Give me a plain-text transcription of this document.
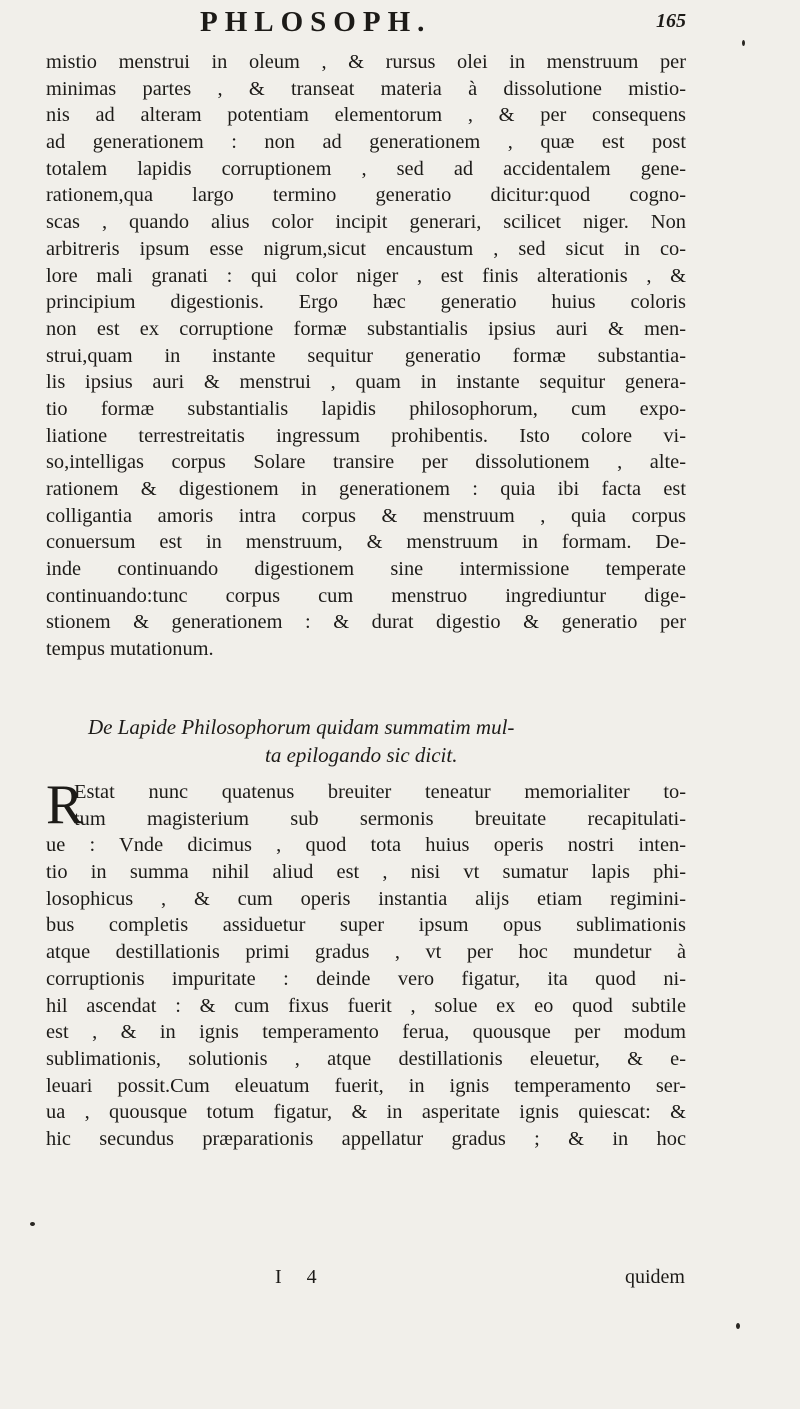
PHLOSOPH.	165
mistio menstrui in oleum , & rursus olei in menstruum per
minimas partes , & transeat materia à dissolutione mistio-
nis ad alteram potentiam elementorum , & per consequens
ad generationem : non ad generationem , quæ est post
totalem lapidis corruptionem , sed ad accidentalem gene-
rationem,qua largo termino generatio dicitur:quod cogno-
scas , quando alius color incipit generari, scilicet niger. Non
arbitreris ipsum esse nigrum,sicut encaustum , sed sicut in co-
lore mali granati : qui color niger , est finis alterationis , &
principium digestionis. Ergo hæc generatio huius coloris
non est ex corruptione formæ substantialis ipsius auri & men-
strui,quam in instante sequitur generatio formæ substantia-
lis ipsius auri & menstrui , quam in instante sequitur genera-
tio formæ substantialis lapidis philosophorum, cum expo-
liatione terrestreitatis ingressum prohibentis. Isto colore vi-
so,intelligas corpus Solare transire per dissolutionem , alte-
rationem & digestionem in generationem : quia ibi facta est
colligantia amoris intra corpus & menstruum , quia corpus
conuersum est in menstruum, & menstruum in formam. De-
inde continuando digestionem sine intermissione temperate
continuando:tunc corpus cum menstruo ingrediuntur dige-
stionem & generationem : & durat digestio & generatio per
tempus mutationum.
De Lapide Philosophorum quidam summatim mul-
ta epilogando sic dicit.
R
Estat nunc quatenus breuiter teneatur memorialiter to-
tum magisterium sub sermonis breuitate recapitulati-
ue : Vnde dicimus , quod tota huius operis nostri inten-
tio in summa nihil aliud est , nisi vt sumatur lapis phi-
losophicus , & cum operis instantia alijs etiam regimini-
bus completis assiduetur super ipsum opus sublimationis
atque destillationis primi gradus , vt per hoc mundetur à
corruptionis impuritate : deinde vero figatur, ita quod ni-
hil ascendat : & cum fixus fuerit , solue ex eo quod subtile
est , & in ignis temperamento ferua, quousque per modum
sublimationis, solutionis , atque destillationis eleuetur, & e-
leuari possit.Cum eleuatum fuerit, in ignis temperamento ser-
ua , quousque totum figatur, & in asperitate ignis quiescat: &
hic secundus præparationis appellatur gradus ; & in hoc
I 4	quidem
